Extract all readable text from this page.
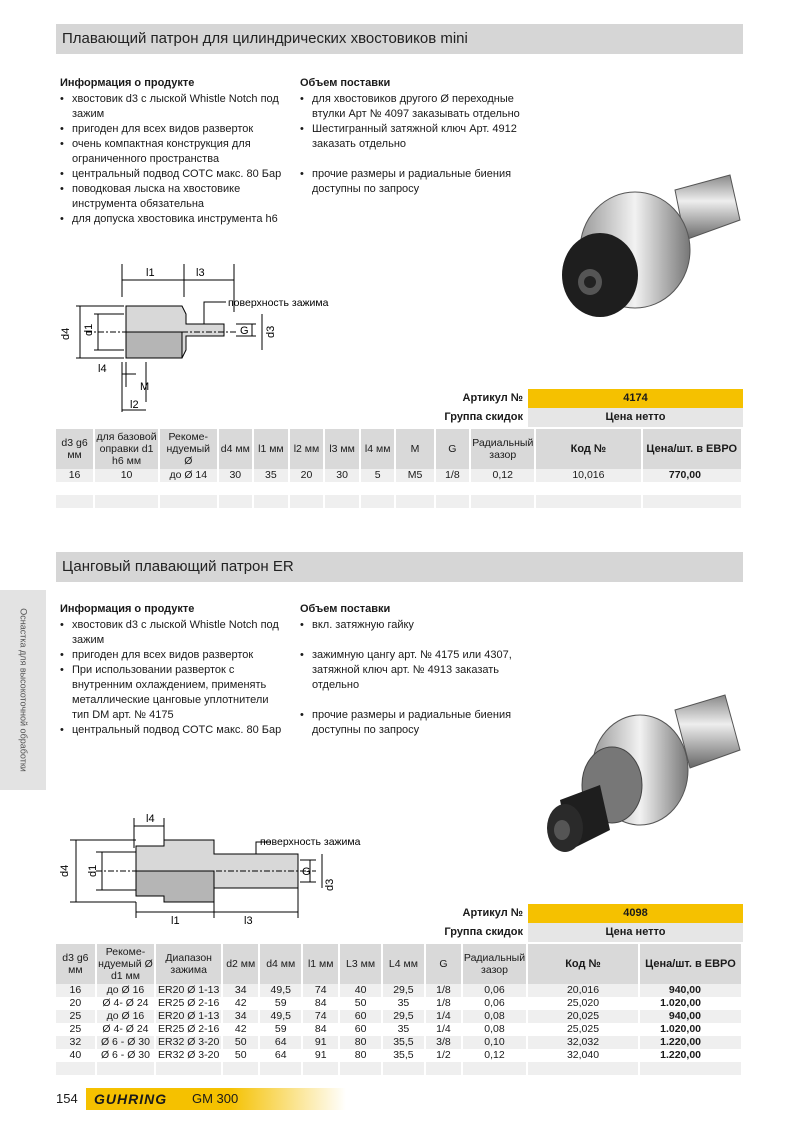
Плавающий патрон для цилиндрических хвостовиков mini
Информация о продукте
• хвостовик d3 с лыской Whistle Notch под зажим
• пригоден для всех видов разверток
• очень компактная конструкция для ограниченного пространства
• центральный подвод СОТС макс. 80 Бар
• поводковая лыска на хвостовике инструмента обязательна
• для допуска хвостовика инструмента h6
Объем поставки
• для хвостовиков другого Ø переходные втулки Арт № 4097 заказывать отдельно
• Шестигранный затяжной ключ Арт. 4912 заказать отдельно
• прочие размеры и радиальные биения доступны по запросу
l1	l3
поверхность зажима
d4 d1	G d3
l4
M
l2
Артикул №	4174
Группа скидок	Цена нетто
d3 g6 мм	для базовой оправки d1 h6 мм	Рекоме-ндуемый Ø	d4 мм	l1 мм	l2 мм	l3 мм	l4 мм	M	G	Радиальный зазор	Код №	Цена/шт. в ЕВРО
16	10	до Ø 14	30	35	20	30	5	M5	1/8	0,12	10,016	770,00

Цанговый плавающий патрон ER
Информация о продукте
• хвостовик d3 с лыской Whistle Notch под зажим
• пригоден для всех видов разверток
• При использовании разверток с внутренним охлаждением, применять металлические цанговые уплотнители тип DM арт. № 4175
• центральный подвод СОТС макс. 80 Бар
Объем поставки
• вкл. затяжную гайку
• зажимную цангу арт. № 4175 или 4307, затяжной ключ арт. № 4913 заказать отдельно
• прочие размеры и радиальные биения доступны по запросу
l4
поверхность зажима
d4 d1	G
d3
l1	l3
Артикул №	4098
Группа скидок	Цена нетто
d3 g6 мм	Рекоме-ндуемый Ø d1 мм	Диапазон зажима	d2 мм	d4 мм	l1 мм	L3 мм	L4 мм	G	Радиальный зазор	Код №	Цена/шт. в ЕВРО
16	до Ø 16	ER20 Ø 1-13	34	49,5	74	40	29,5	1/8	0,06	20,016	940,00
20	Ø 4- Ø 24	ER25 Ø 2-16	42	59	84	50	35	1/8	0,06	25,020	1.020,00
25	до Ø 16	ER20 Ø 1-13	34	49,5	74	60	29,5	1/4	0,08	20,025	940,00
25	Ø 4- Ø 24	ER25 Ø 2-16	42	59	84	60	35	1/4	0,08	25,025	1.020,00
32	Ø 6 - Ø 30	ER32 Ø 3-20	50	64	91	80	35,5	3/8	0,10	32,032	1.220,00
40	Ø 6 - Ø 30	ER32 Ø 3-20	50	64	91	80	35,5	1/2	0,12	32,040	1.220,00

Оснастка для высокоточной обработки
154 GUHRING GM 300
